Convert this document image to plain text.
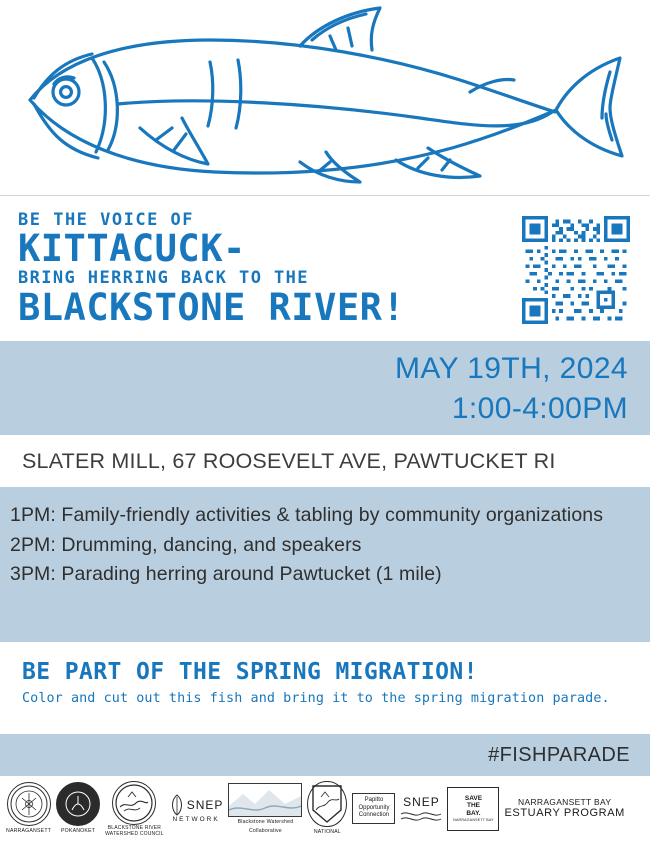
BE THE VOICE OF
KITTACUCK-
BRING HERRING BACK TO THE
BLACKSTONE RIVER!
MAY 19TH, 2024
1:00-4:00PM
SLATER MILL, 67 ROOSEVELT AVE, PAWTUCKET RI
1PM: Family-friendly activities & tabling by community organizations
2PM: Drumming, dancing, and speakers
3PM: Parading herring around Pawtucket (1 mile)
BE PART OF THE SPRING MIGRATION!
Color and cut out this fish and bring it to the spring migration parade.
#FISHPARADE
NARRAGANSETT POKANOKET
BLACKSTONE RIVER
WATERSHED COUNCIL
SNEP
NETWORK	Blackstone Watershed
Collaborative	NATIONAL
Papitto
Opportunity
Connection
SNEP	SAVE
THE
BAY.
NARRAGANSETT BAY
NARRAGANSETT BAY
ESTUARY PROGRAM
